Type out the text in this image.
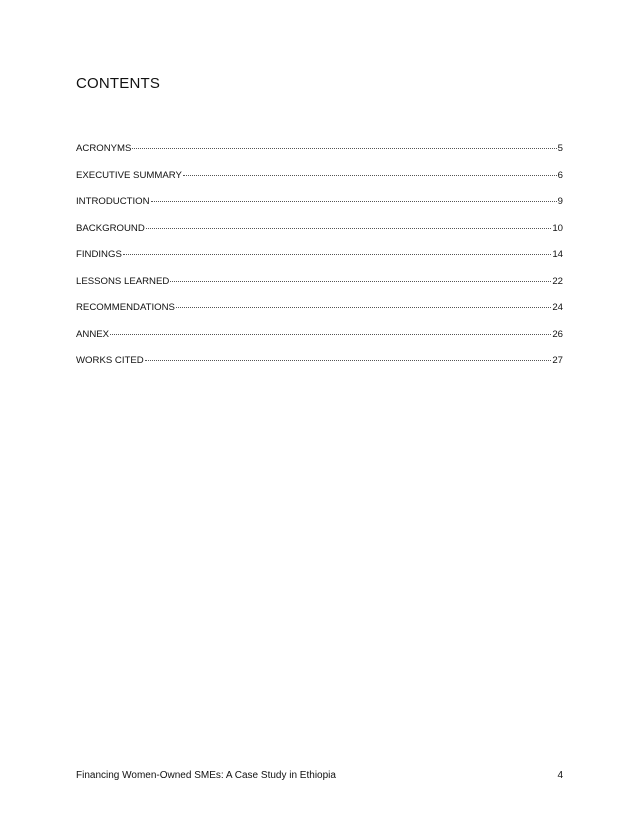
CONTENTS
ACRONYMS	5
EXECUTIVE SUMMARY	6
INTRODUCTION	9
BACKGROUND	10
FINDINGS	14
LESSONS LEARNED	22
RECOMMENDATIONS	24
ANNEX	26
WORKS CITED	27
Financing Women-Owned SMEs: A Case Study in Ethiopia	4
